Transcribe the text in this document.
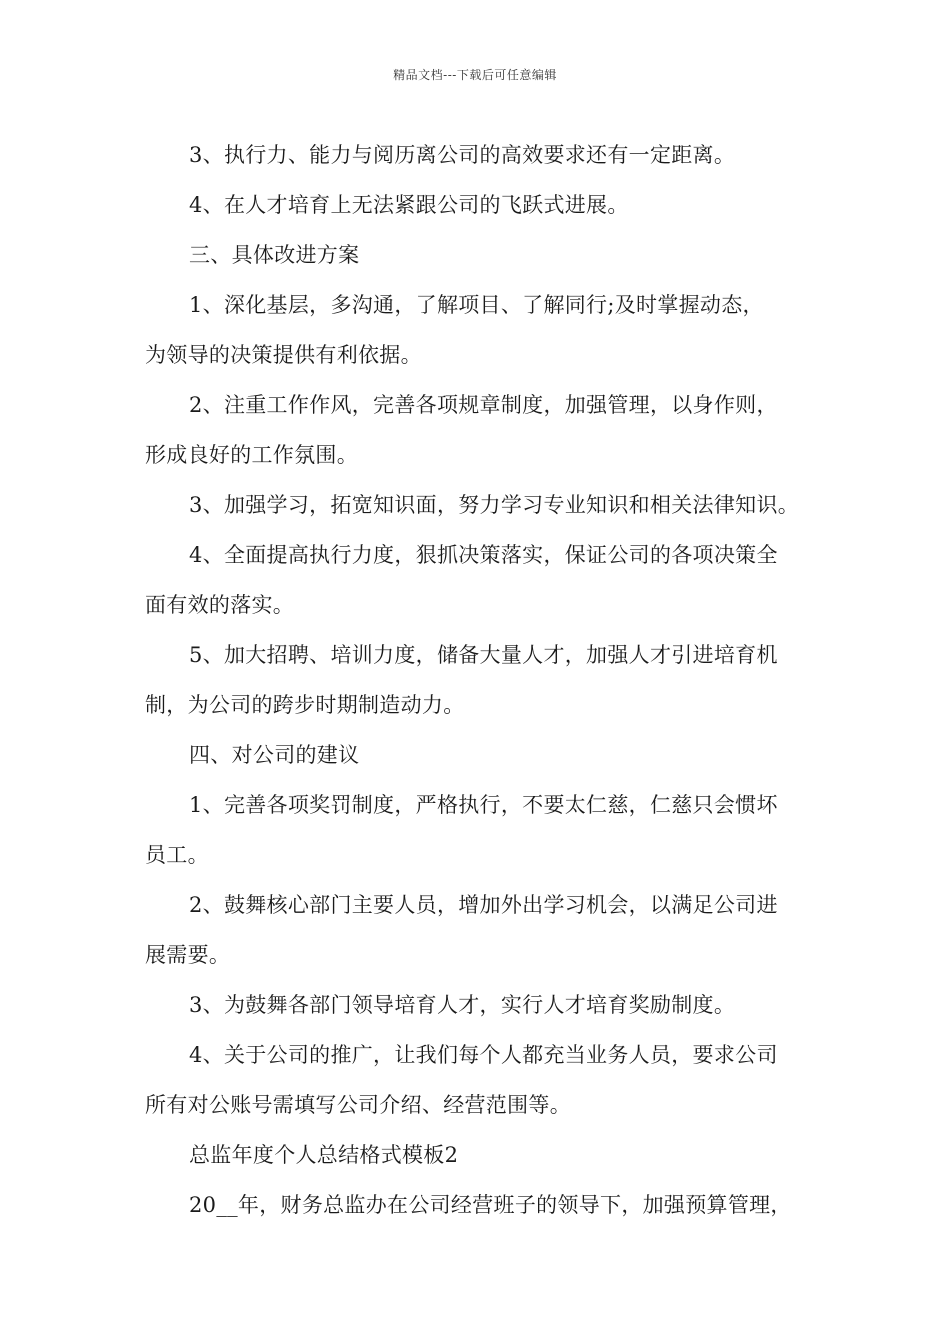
精品文档---下载后可任意编辑
3、执行力、能力与阅历离公司的高效要求还有一定距离。
4、在人才培育上无法紧跟公司的飞跃式进展。
三、具体改进方案
1、深化基层，多沟通，了解项目、了解同行;及时掌握动态，
为领导的决策提供有利依据。
2、注重工作作风，完善各项规章制度，加强管理，以身作则，
形成良好的工作氛围。
3、加强学习，拓宽知识面，努力学习专业知识和相关法律知识。
4、全面提高执行力度，狠抓决策落实，保证公司的各项决策全
面有效的落实。
5、加大招聘、培训力度，储备大量人才，加强人才引进培育机
制，为公司的跨步时期制造动力。
四、对公司的建议
1、完善各项奖罚制度，严格执行，不要太仁慈，仁慈只会惯坏
员工。
2、鼓舞核心部门主要人员，增加外出学习机会，以满足公司进
展需要。
3、为鼓舞各部门领导培育人才，实行人才培育奖励制度。
4、关于公司的推广，让我们每个人都充当业务人员，要求公司
所有对公账号需填写公司介绍、经营范围等。
总监年度个人总结格式模板2
20__年，财务总监办在公司经营班子的领导下，加强预算管理，
